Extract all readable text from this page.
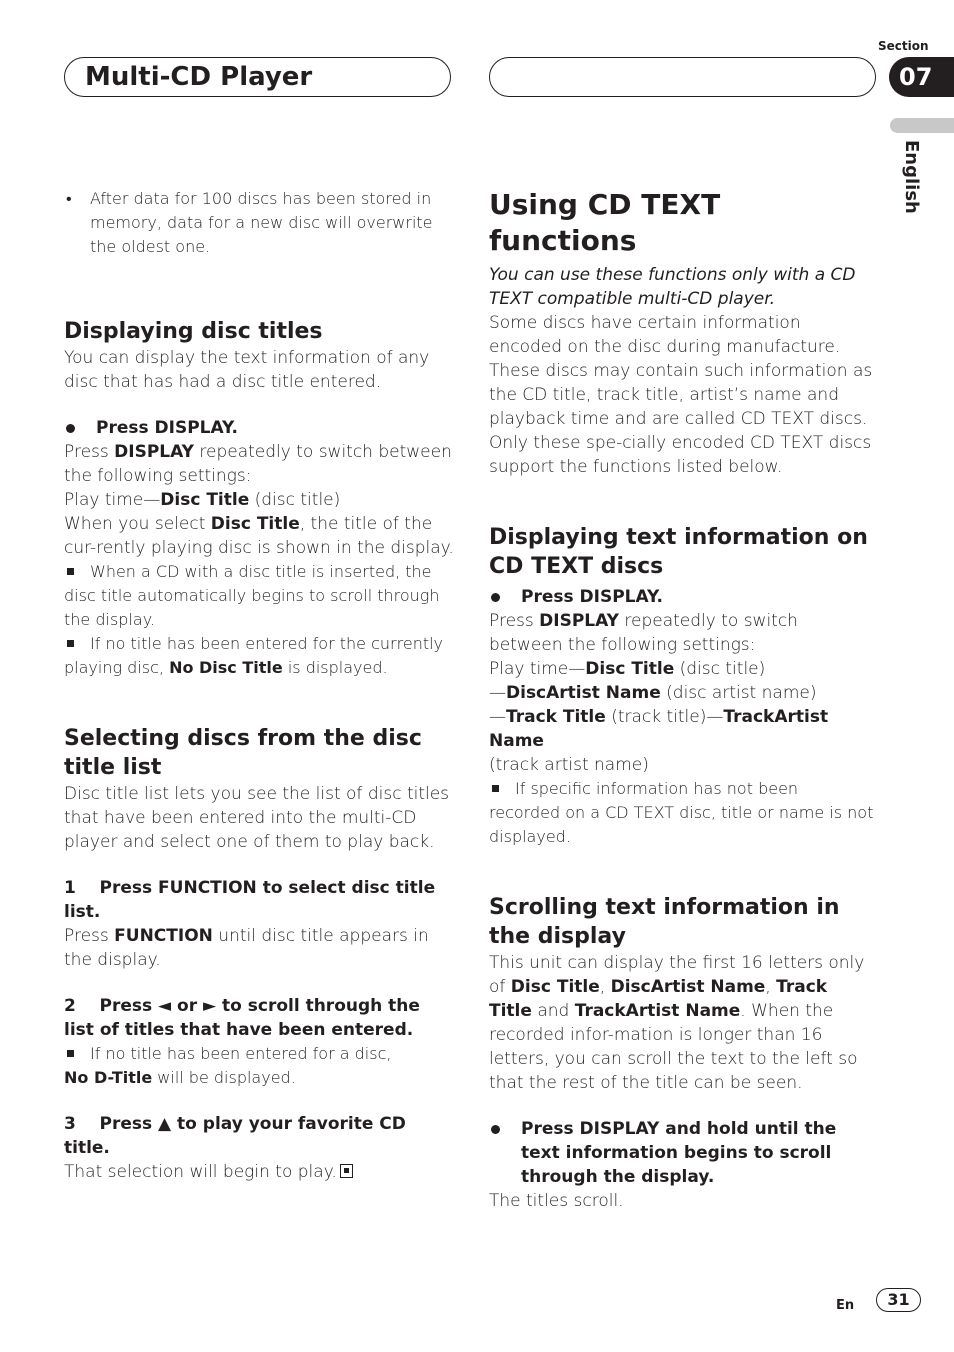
Multi-CD Player
Section
07
English

• After data for 100 discs has been stored in memory, data for a new disc will overwrite the oldest one.

Displaying disc titles

You can display the text information of any disc that has had a disc title entered.

Press DISPLAY.

Press DISPLAY repeatedly to switch between the following settings:

Play time—Disc Title (disc title)

When you select Disc Title, the title of the cur-rently playing disc is shown in the display.

When a CD with a disc title is inserted, the disc title automatically begins to scroll through the display.

If no title has been entered for the currently playing disc, No Disc Title is displayed.

Selecting discs from the disc title list

Disc title list lets you see the list of disc titles that have been entered into the multi-CD player and select one of them to play back.

1 Press FUNCTION to select disc title list.

Press FUNCTION until disc title appears in the display.

2 Press ◄ or ► to scroll through the list of titles that have been entered.

If no title has been entered for a disc,
No D-Title will be displayed.

3 Press ▲ to play your favorite CD title.

That selection will begin to play.

Using CD TEXT functions

You can use these functions only with a CD TEXT compatible multi-CD player.

Some discs have certain information encoded on the disc during manufacture. These discs may contain such information as the CD title, track title, artist’s name and playback time and are called CD TEXT discs. Only these spe-cially encoded CD TEXT discs support the functions listed below.

Displaying text information on CD TEXT discs

Press DISPLAY.

Press DISPLAY repeatedly to switch between the following settings:

Play time—Disc Title (disc title)

—DiscArtist Name (disc artist name)

—Track Title (track title)—TrackArtist Name

(track artist name)

If specific information has not been recorded on a CD TEXT disc, title or name is not displayed.

Scrolling text information in the display

This unit can display the first 16 letters only of Disc Title, DiscArtist Name, Track Title and TrackArtist Name. When the recorded infor-mation is longer than 16 letters, you can scroll the text to the left so that the rest of the title can be seen.

Press DISPLAY and hold until the text information begins to scroll through the display.

The titles scroll.

En	31
